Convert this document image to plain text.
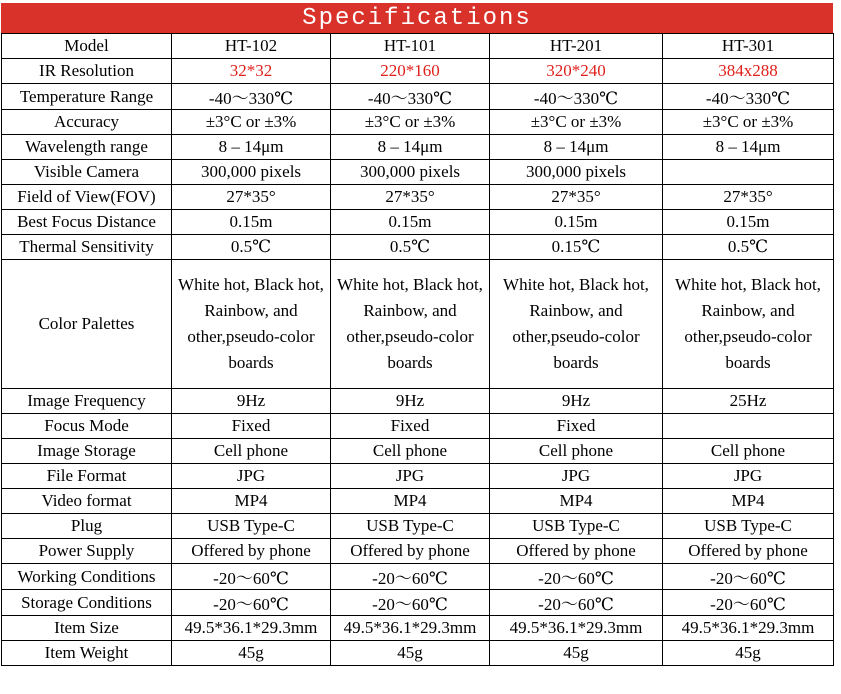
Specifications
Model	HT-102	HT-101	HT-201	HT-301
IR Resolution	32*32	220*160	320*240	384x288
Temperature Range	-40～330℃	-40～330℃	-40～330℃	-40～330℃
Accuracy	±3°C or ±3%	±3°C or ±3%	±3°C or ±3%	±3°C or ±3%
Wavelength range	8 – 14μm	8 – 14μm	8 – 14μm	8 – 14μm
Visible Camera	300,000 pixels	300,000 pixels	300,000 pixels	
Field of View(FOV)	27*35°	27*35°	27*35°	27*35°
Best Focus Distance	0.15m	0.15m	0.15m	0.15m
Thermal Sensitivity	0.5℃	0.5℃	0.15℃	0.5℃
Color Palettes	White hot, Black hot, Rainbow, and other,pseudo-color boards	White hot, Black hot, Rainbow, and other,pseudo-color boards	White hot, Black hot, Rainbow, and other,pseudo-color boards	White hot, Black hot, Rainbow, and other,pseudo-color boards
Image Frequency	9Hz	9Hz	9Hz	25Hz
Focus Mode	Fixed	Fixed	Fixed	
Image Storage	Cell phone	Cell phone	Cell phone	Cell phone
File Format	JPG	JPG	JPG	JPG
Video format	MP4	MP4	MP4	MP4
Plug	USB Type-C	USB Type-C	USB Type-C	USB Type-C
Power Supply	Offered by phone	Offered by phone	Offered by phone	Offered by phone
Working Conditions	-20～60℃	-20～60℃	-20～60℃	-20～60℃
Storage Conditions	-20～60℃	-20～60℃	-20～60℃	-20～60℃
Item Size	49.5*36.1*29.3mm	49.5*36.1*29.3mm	49.5*36.1*29.3mm	49.5*36.1*29.3mm
Item Weight	45g	45g	45g	45g
